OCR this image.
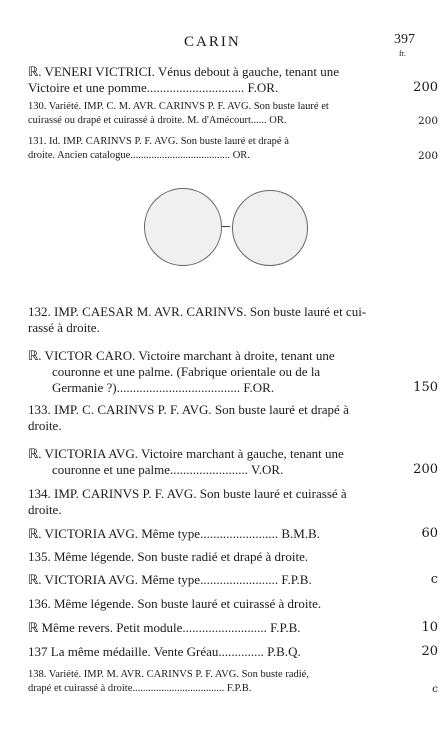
CARIN	397
fr.
ℝ. VENERI VICTRICI. Vénus debout à gauche, tenant une
Victoire et une pomme.............................. F.OR.	200
130. Variété. IMP. C. M. AVR. CARINVS P. F. AVG. Son buste lauré et
cuirassé ou drapé et cuirassé à droite. M. d'Amécourt...... OR.	200
131. Id. IMP. CARINVS P. F. AVG. Son buste lauré et drapé à
droite. Ancien catalogue...................................... OR.	200
132. IMP. CAESAR M. AVR. CARINVS. Son buste lauré et cui-
rassé à droite.
ℝ. VICTOR CARO. Victoire marchant à droite, tenant une
couronne et une palme. (Fabrique orientale ou de la
Germanie ?)...................................... F.OR.	150
133. IMP. C. CARINVS P. F. AVG. Son buste lauré et drapé à
droite.
ℝ. VICTORIA AVG. Victoire marchant à gauche, tenant une
couronne et une palme........................ V.OR.	200
134. IMP. CARINVS P. F. AVG. Son buste lauré et cuirassé à
droite.
ℝ. VICTORIA AVG. Même type........................ B.M.B.	60
135. Même légende. Son buste radié et drapé à droite.
ℝ. VICTORIA AVG. Même type........................ F.P.B.	c
136. Même légende. Son buste lauré et cuirassé à droite.
ℝ Même revers. Petit module.......................... F.P.B.	10
137 La même médaille. Vente Gréau.............. P.B.Q.	20
138. Variété. IMP. M. AVR. CARINVS P. F. AVG. Son buste radié,
drapé et cuirassé à droite................................... F.P.B.	c
